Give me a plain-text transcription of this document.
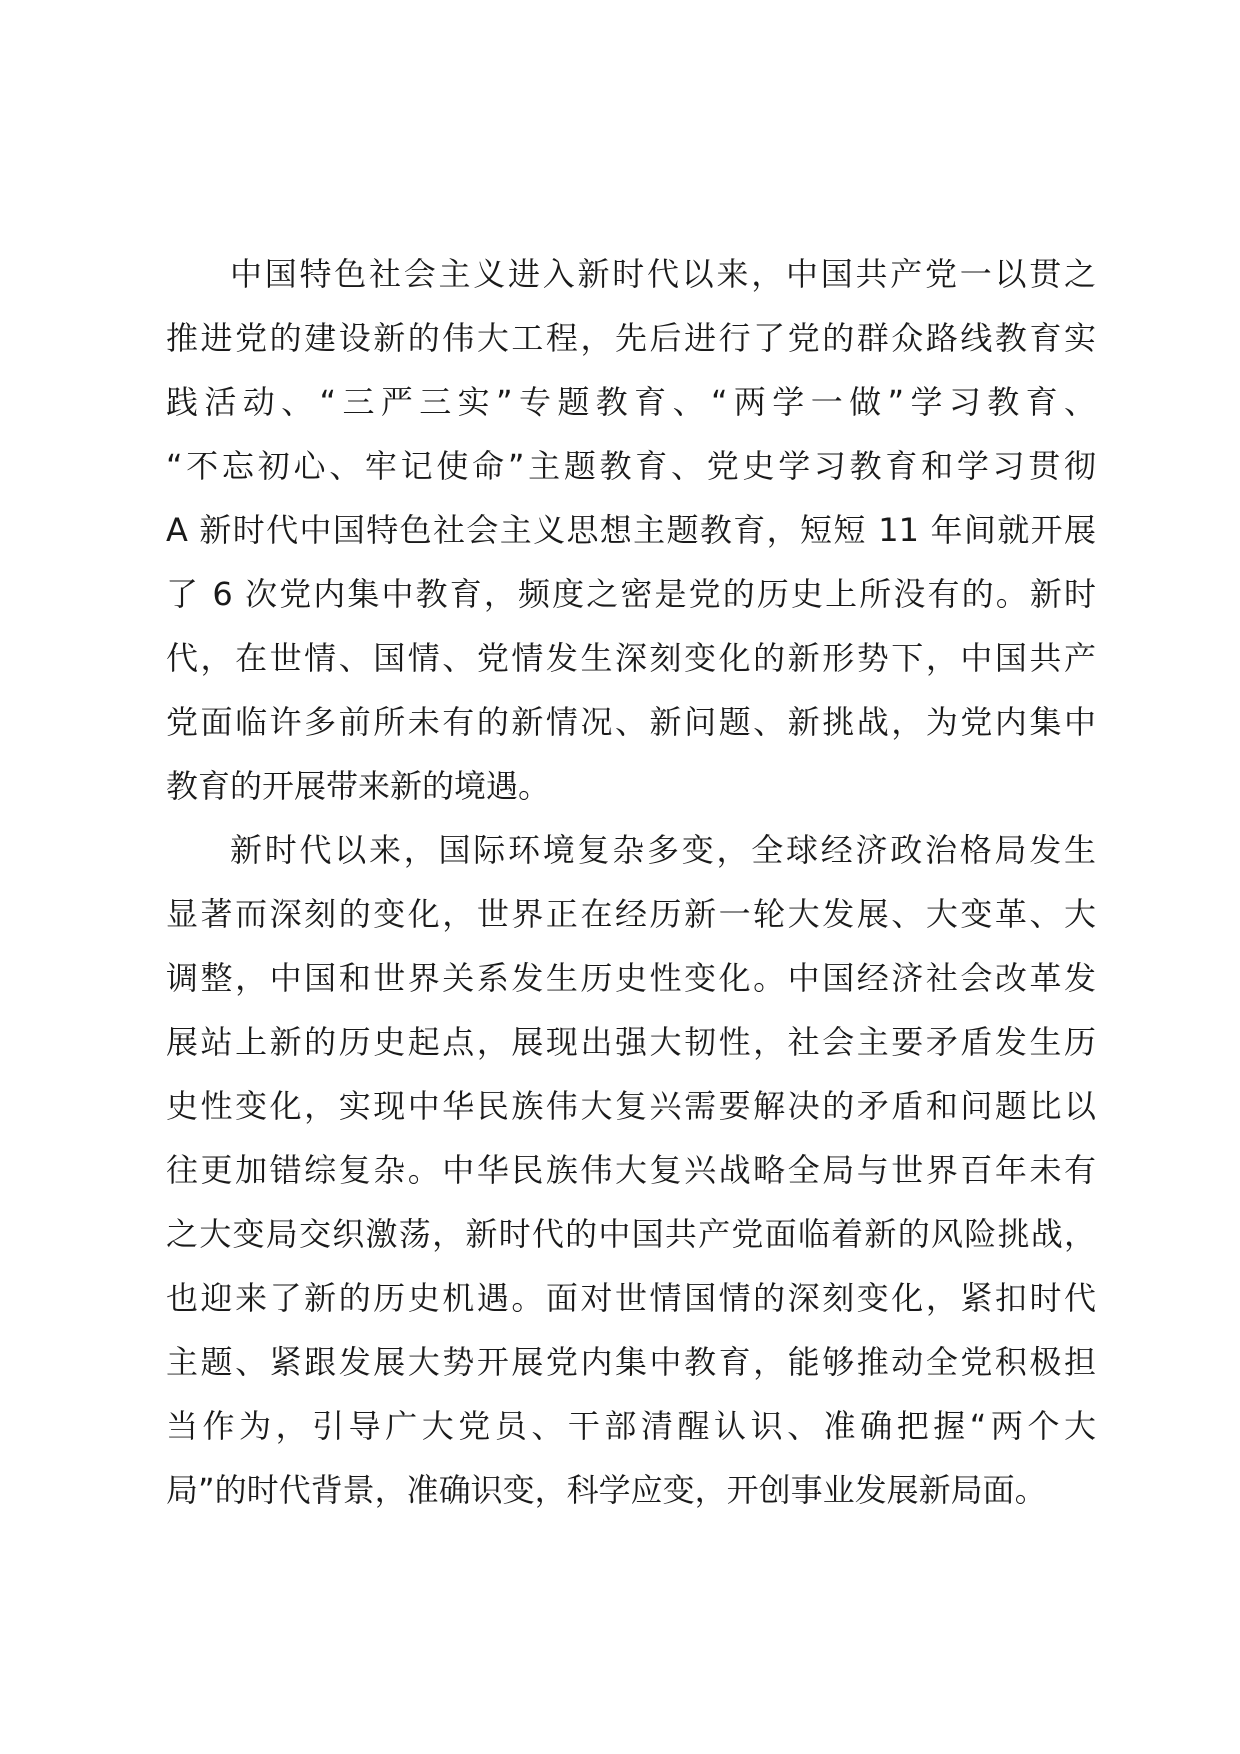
中国特色社会主义进入新时代以来，中国共产党一以贯之
推进党的建设新的伟大工程，先后进行了党的群众路线教育实
践活动、“三严三实”专题教育、“两学一做”学习教育、
“不忘初心、牢记使命”主题教育、党史学习教育和学习贯彻
A 新时代中国特色社会主义思想主题教育，短短 11 年间就开展
了 6 次党内集中教育，频度之密是党的历史上所没有的。新时
代，在世情、国情、党情发生深刻变化的新形势下，中国共产
党面临许多前所未有的新情况、新问题、新挑战，为党内集中
教育的开展带来新的境遇。
新时代以来，国际环境复杂多变，全球经济政治格局发生
显著而深刻的变化，世界正在经历新一轮大发展、大变革、大
调整，中国和世界关系发生历史性变化。中国经济社会改革发
展站上新的历史起点，展现出强大韧性，社会主要矛盾发生历
史性变化，实现中华民族伟大复兴需要解决的矛盾和问题比以
往更加错综复杂。中华民族伟大复兴战略全局与世界百年未有
之大变局交织激荡，新时代的中国共产党面临着新的风险挑战，
也迎来了新的历史机遇。面对世情国情的深刻变化，紧扣时代
主题、紧跟发展大势开展党内集中教育，能够推动全党积极担
当作为，引导广大党员、干部清醒认识、准确把握“两个大
局”的时代背景，准确识变，科学应变，开创事业发展新局面。
